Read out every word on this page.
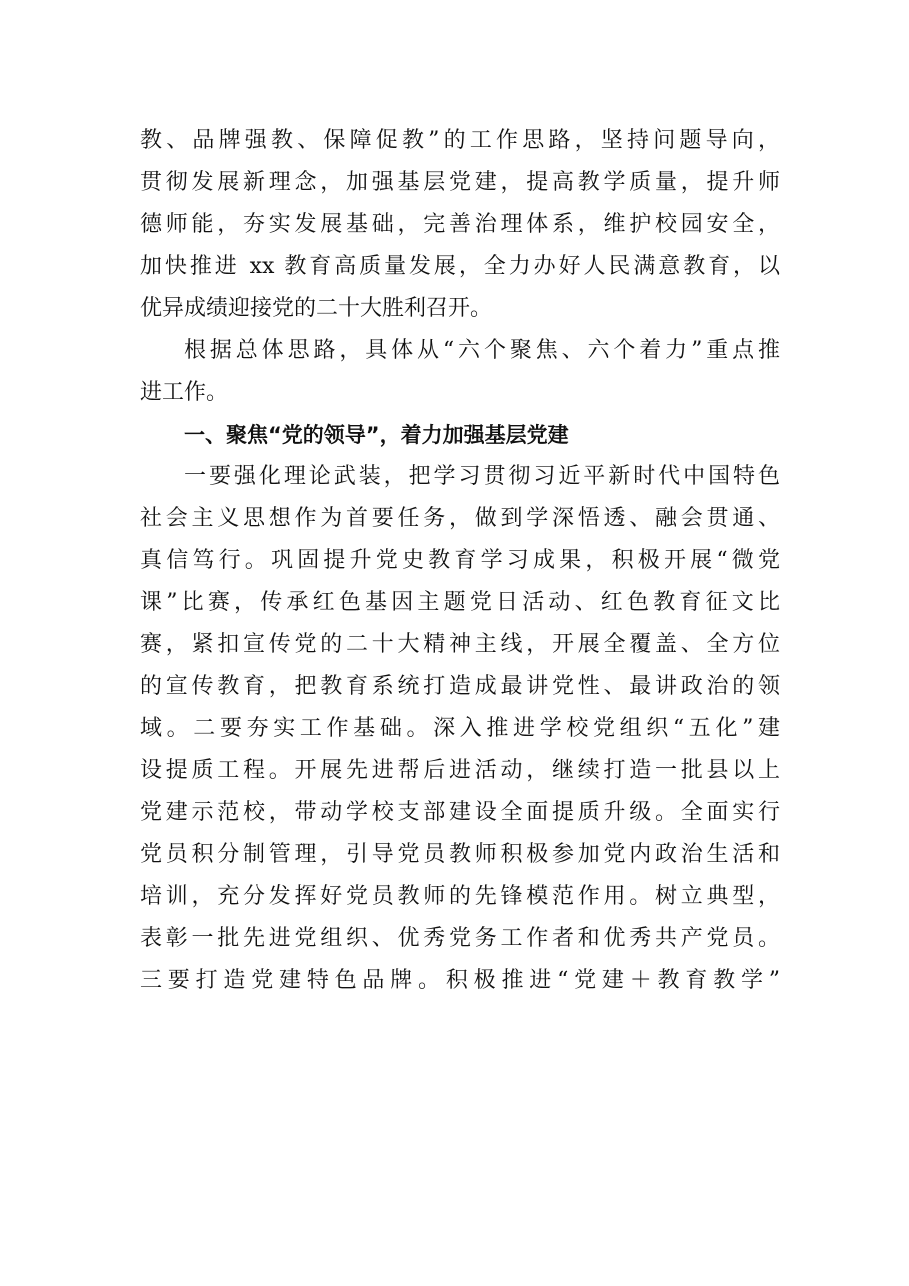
教、品牌强教、保障促教”的工作思路，坚持问题导向，
贯彻发展新理念，加强基层党建，提高教学质量，提升师
德师能，夯实发展基础，完善治理体系，维护校园安全，
加快推进 xx 教育高质量发展，全力办好人民满意教育，以
优异成绩迎接党的二十大胜利召开。
根据总体思路，具体从“六个聚焦、六个着力”重点推
进工作。
一、聚焦“党的领导”，着力加强基层党建
一要强化理论武装，把学习贯彻习近平新时代中国特色
社会主义思想作为首要任务，做到学深悟透、融会贯通、
真信笃行。巩固提升党史教育学习成果，积极开展“微党
课”比赛，传承红色基因主题党日活动、红色教育征文比
赛，紧扣宣传党的二十大精神主线，开展全覆盖、全方位
的宣传教育，把教育系统打造成最讲党性、最讲政治的领
域。二要夯实工作基础。深入推进学校党组织“五化”建
设提质工程。开展先进帮后进活动，继续打造一批县以上
党建示范校，带动学校支部建设全面提质升级。全面实行
党员积分制管理，引导党员教师积极参加党内政治生活和
培训，充分发挥好党员教师的先锋模范作用。树立典型，
表彰一批先进党组织、优秀党务工作者和优秀共产党员。
三要打造党建特色品牌。积极推进“党建＋教育教学”
